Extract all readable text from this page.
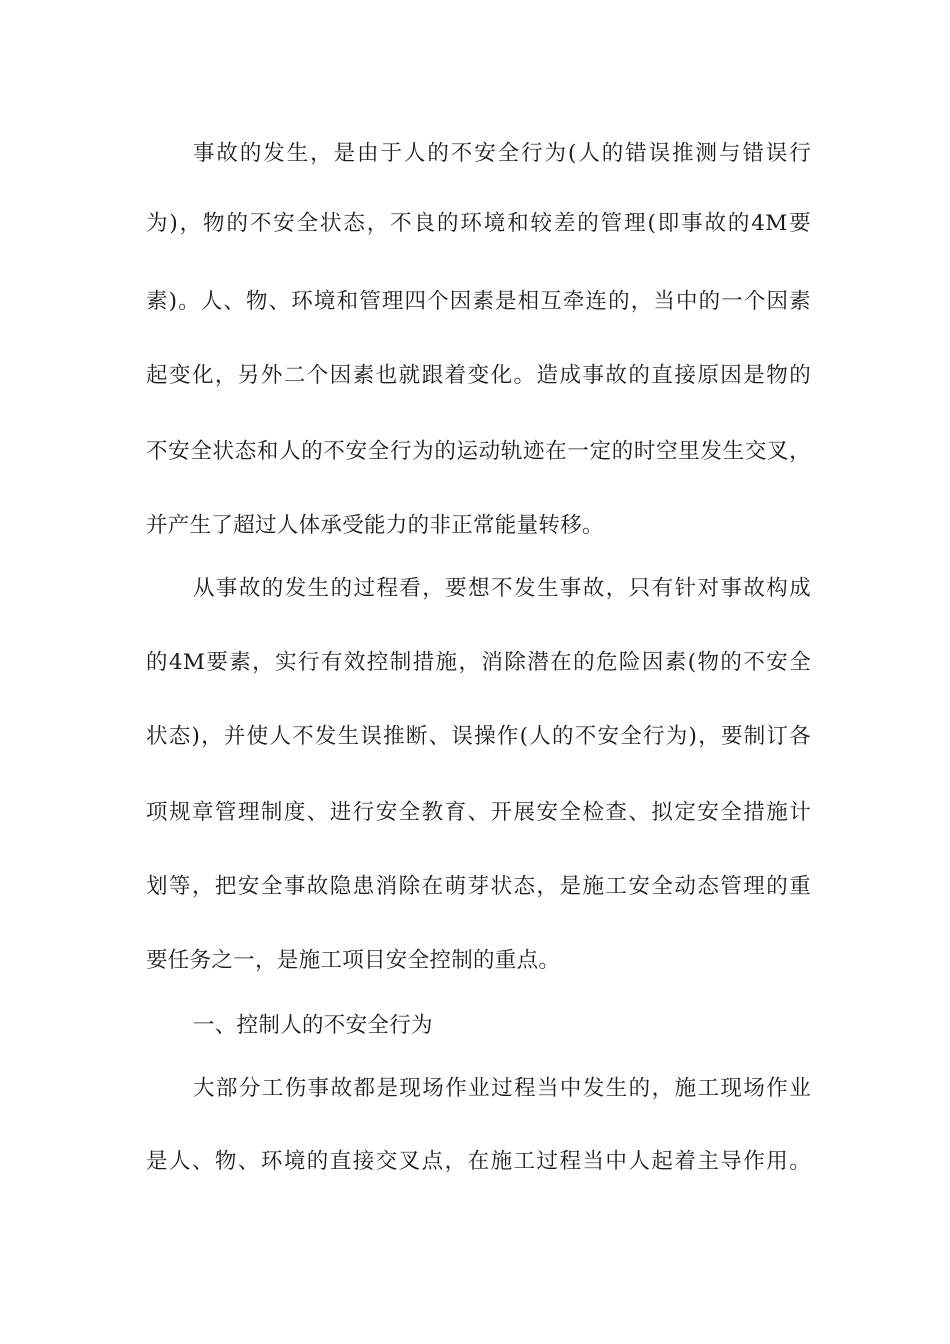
事故的发生，是由于人的不安全行为(人的错误推测与错误行
为)，物的不安全状态，不良的环境和较差的管理(即事故的4M要
素)。人、物、环境和管理四个因素是相互牵连的，当中的一个因素
起变化，另外二个因素也就跟着变化。造成事故的直接原因是物的
不安全状态和人的不安全行为的运动轨迹在一定的时空里发生交叉，
并产生了超过人体承受能力的非正常能量转移。
从事故的发生的过程看，要想不发生事故，只有针对事故构成
的4M要素，实行有效控制措施，消除潜在的危险因素(物的不安全
状态)，并使人不发生误推断、误操作(人的不安全行为)，要制订各
项规章管理制度、进行安全教育、开展安全检查、拟定安全措施计
划等，把安全事故隐患消除在萌芽状态，是施工安全动态管理的重
要任务之一，是施工项目安全控制的重点。
一、控制人的不安全行为
大部分工伤事故都是现场作业过程当中发生的，施工现场作业
是人、物、环境的直接交叉点，在施工过程当中人起着主导作用。
